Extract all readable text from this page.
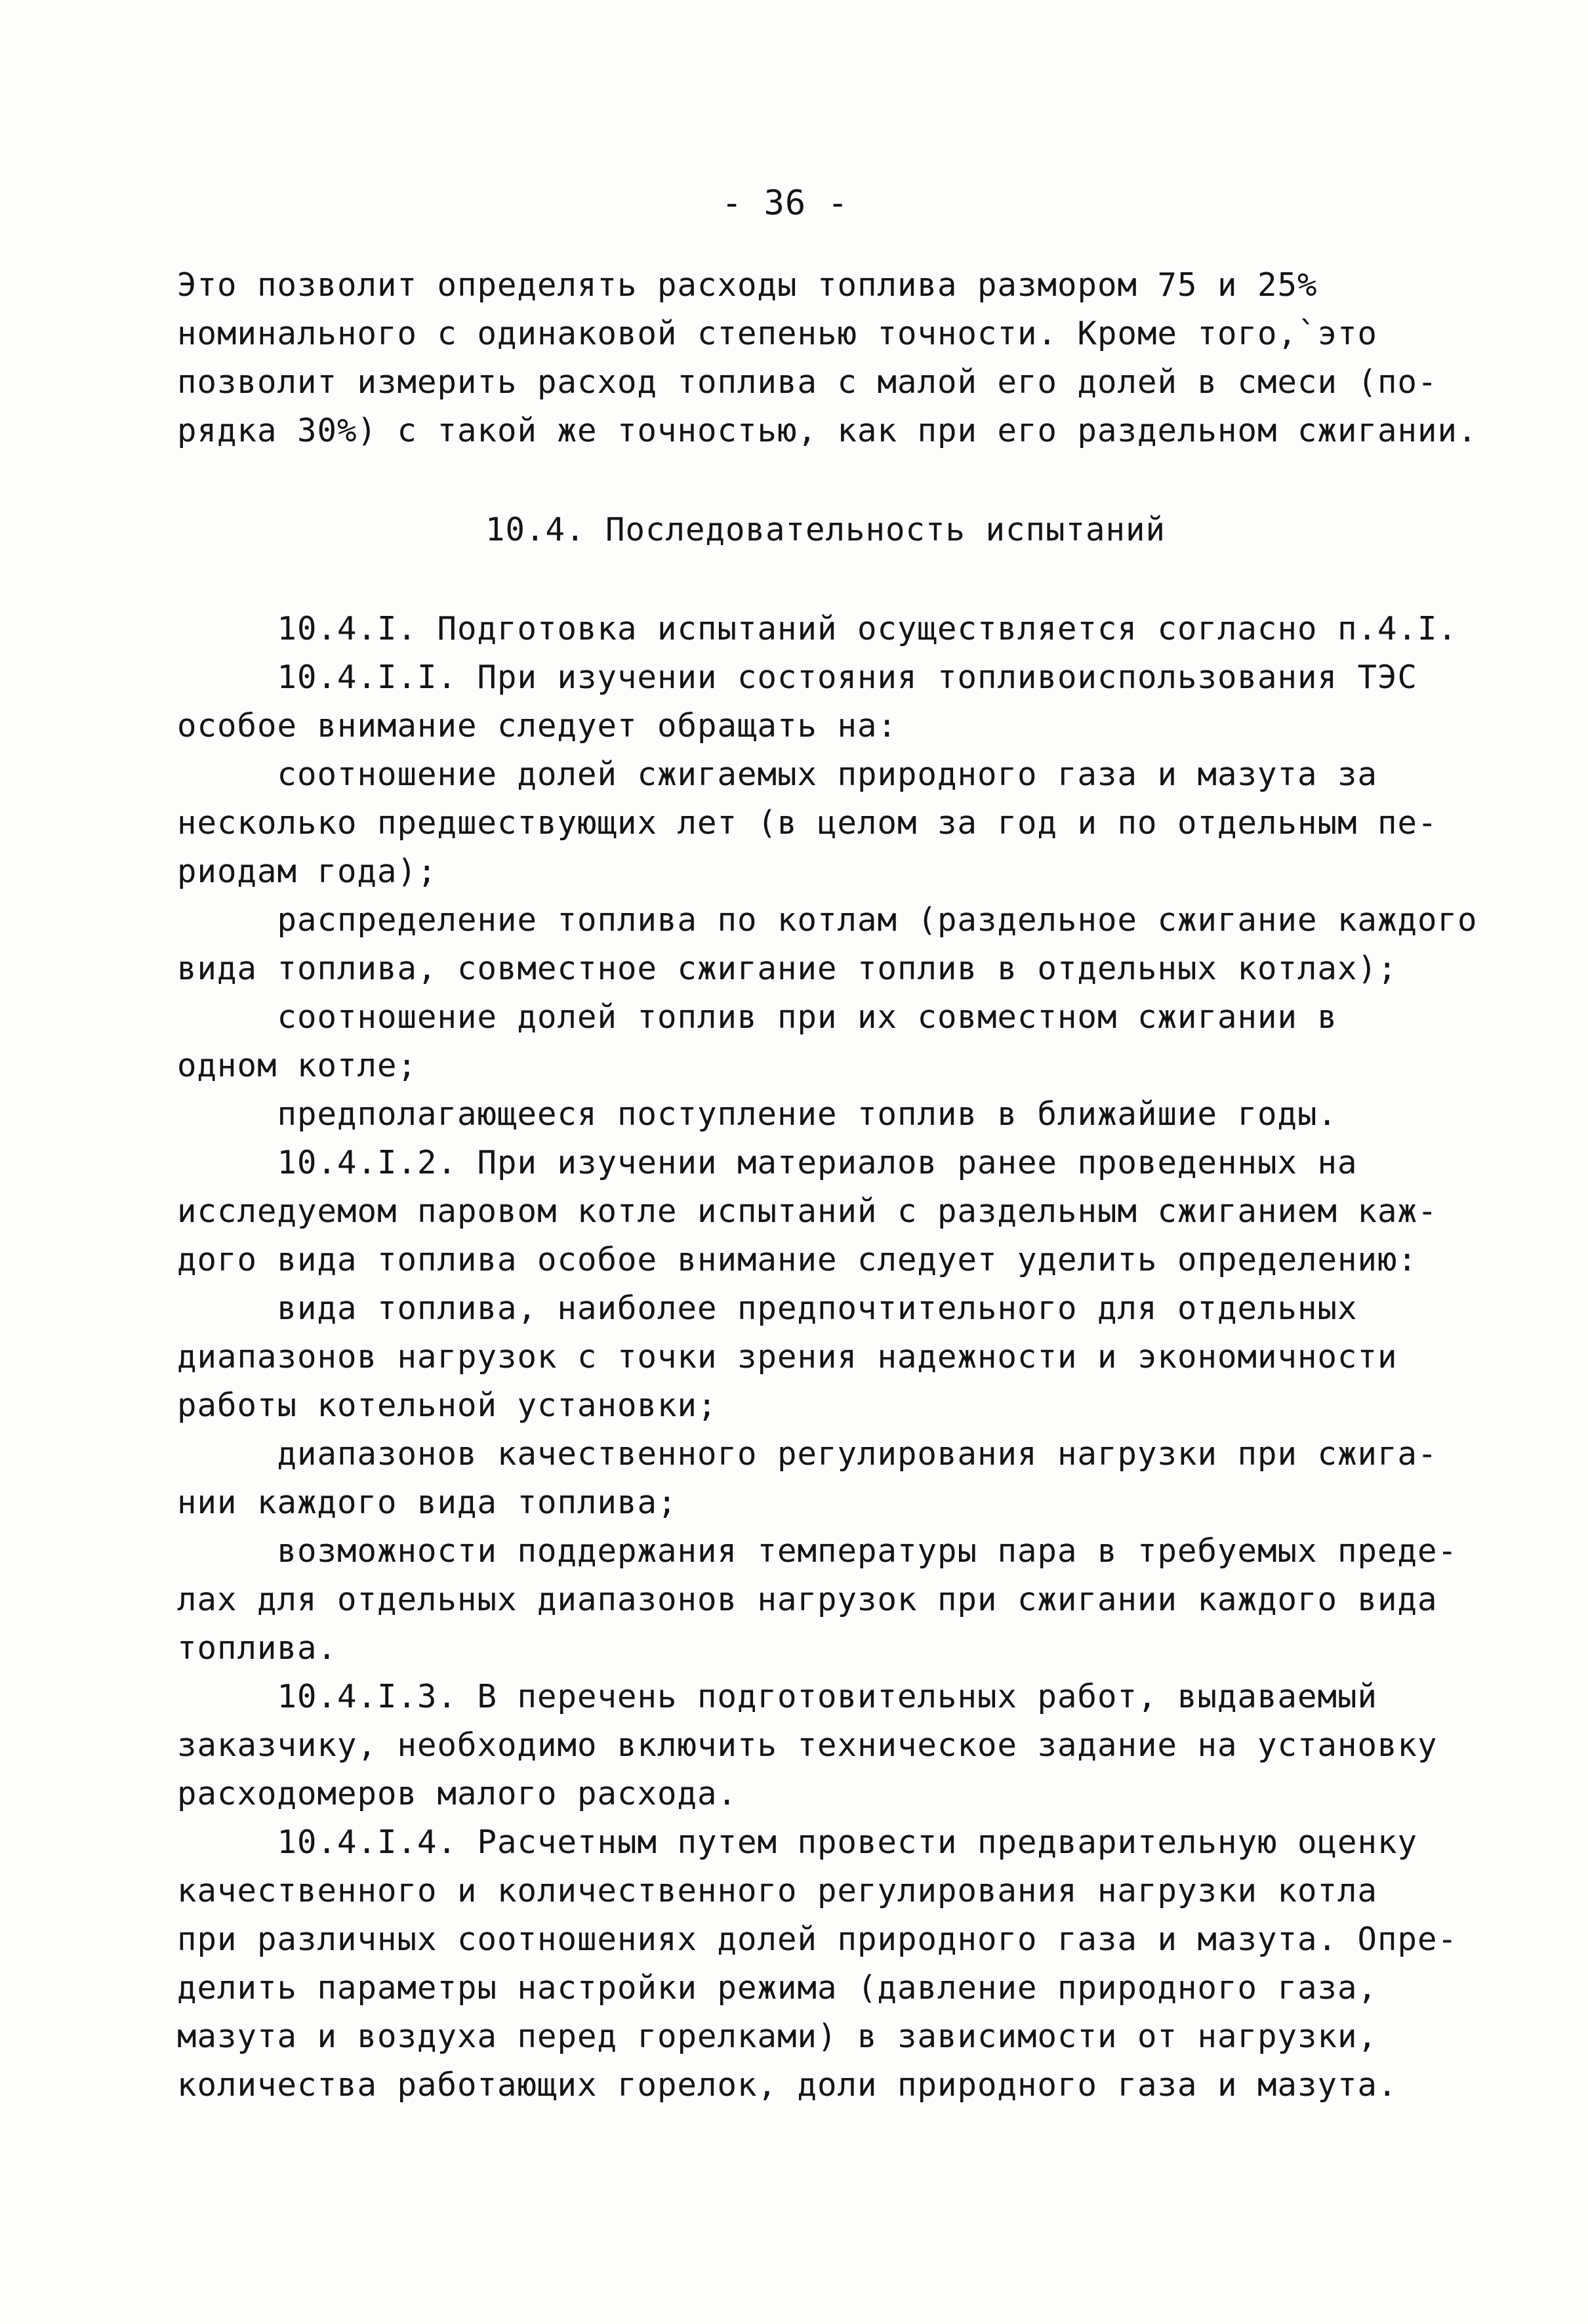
- 36 -

Это позволит определять расходы топлива размором 75 и 25%

номинального с одинаковой степенью точности. Кроме того,`это

позволит измерить расход топлива с малой его долей в смеси (по-

рядка 30%) с такой же точностью, как при его раздельном сжигании.

10.4. Последовательность испытаний

10.4.I. Подготовка испытаний осуществляется согласно п.4.I.

10.4.I.I. При изучении состояния топливоиспользования ТЭС

особое внимание следует обращать на:

соотношение долей сжигаемых природного газа и мазута за

несколько предшествующих лет (в целом за год и по отдельным пе-

риодам года);

распределение топлива по котлам (раздельное сжигание каждого

вида топлива, совместное сжигание топлив в отдельных котлах);

соотношение долей топлив при их совместном сжигании в

одном котле;

предполагающееся поступление топлив в ближайшие годы.

10.4.I.2. При изучении материалов ранее проведенных на

исследуемом паровом котле испытаний с раздельным сжиганием каж-

дого вида топлива особое внимание следует уделить определению:

вида топлива, наиболее предпочтительного для отдельных

диапазонов нагрузок с точки зрения надежности и экономичности

работы котельной установки;

диапазонов качественного регулирования нагрузки при сжига-

нии каждого вида топлива;

возможности поддержания температуры пара в требуемых преде-

лах для отдельных диапазонов нагрузок при сжигании каждого вида

топлива.

10.4.I.3. В перечень подготовительных работ, выдаваемый

заказчику, необходимо включить техническое задание на установку

расходомеров малого расхода.

10.4.I.4. Расчетным путем провести предварительную оценку

качественного и количественного регулирования нагрузки котла

при различных соотношениях долей природного газа и мазута. Опре-

делить параметры настройки режима (давление природного газа,

мазута и воздуха перед горелками) в зависимости от нагрузки,

количества работающих горелок, доли природного газа и мазута.
